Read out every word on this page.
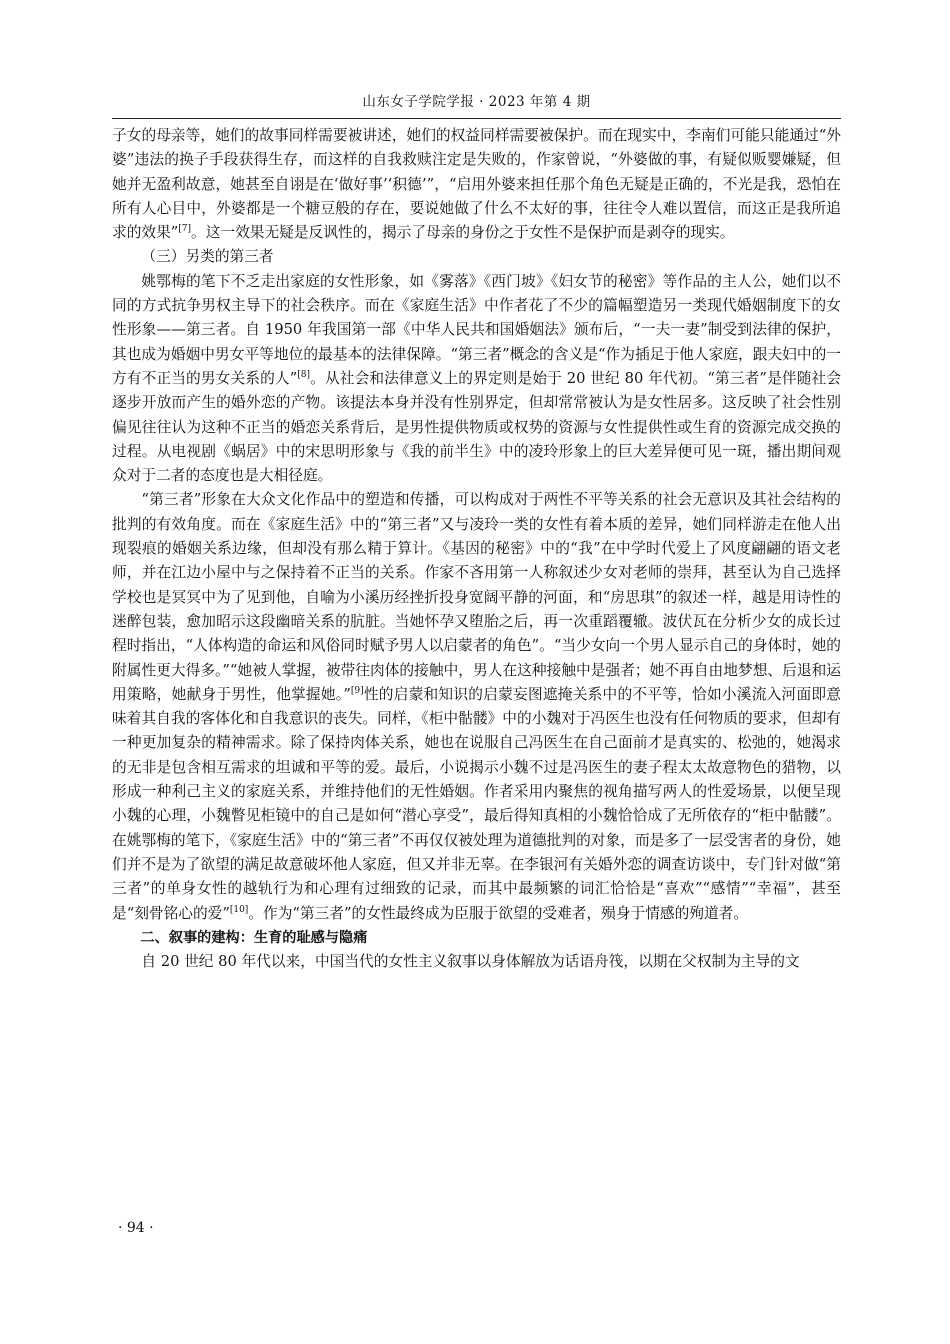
山东女子学院学报 · 2023 年第 4 期

子女的母亲等，她们的故事同样需要被讲述，她们的权益同样需要被保护。而在现实中，李南们可能只能通过“外婆”违法的换子手段获得生存，而这样的自我救赎注定是失败的，作家曾说，“外婆做的事，有疑似贩婴嫌疑，但她并无盈利故意，她甚至自诩是在‘做好事’‘积德’”，“启用外婆来担任那个角色无疑是正确的，不光是我，恐怕在所有人心目中，外婆都是一个糖豆般的存在，要说她做了什么不太好的事，往往令人难以置信，而这正是我所追求的效果”[7]。这一效果无疑是反讽性的，揭示了母亲的身份之于女性不是保护而是剥夺的现实。

（三）另类的第三者

姚鄂梅的笔下不乏走出家庭的女性形象，如《雾落》《西门坡》《妇女节的秘密》等作品的主人公，她们以不同的方式抗争男权主导下的社会秩序。而在《家庭生活》中作者花了不少的篇幅塑造另一类现代婚姻制度下的女性形象——第三者。自 1950 年我国第一部《中华人民共和国婚姻法》颁布后，“一夫一妻”制受到法律的保护，其也成为婚姻中男女平等地位的最基本的法律保障。“第三者”概念的含义是“作为插足于他人家庭，跟夫妇中的一方有不正当的男女关系的人”[8]。从社会和法律意义上的界定则是始于 20 世纪 80 年代初。“第三者”是伴随社会逐步开放而产生的婚外恋的产物。该提法本身并没有性别界定，但却常常被认为是女性居多。这反映了社会性别偏见往往认为这种不正当的婚恋关系背后，是男性提供物质或权势的资源与女性提供性或生育的资源完成交换的过程。从电视剧《蜗居》中的宋思明形象与《我的前半生》中的凌玲形象上的巨大差异便可见一斑，播出期间观众对于二者的态度也是大相径庭。

“第三者”形象在大众文化作品中的塑造和传播，可以构成对于两性不平等关系的社会无意识及其社会结构的批判的有效角度。而在《家庭生活》中的“第三者”又与凌玲一类的女性有着本质的差异，她们同样游走在他人出现裂痕的婚姻关系边缘，但却没有那么精于算计。《基因的秘密》中的“我”在中学时代爱上了风度翩翩的语文老师，并在江边小屋中与之保持着不正当的关系。作家不吝用第一人称叙述少女对老师的崇拜，甚至认为自己选择学校也是冥冥中为了见到他，自喻为小溪历经挫折投身宽阔平静的河面，和“房思琪”的叙述一样，越是用诗性的迷醉包装，愈加昭示这段幽暗关系的肮脏。当她怀孕又堕胎之后，再一次重蹈覆辙。波伏瓦在分析少女的成长过程时指出，“人体构造的命运和风俗同时赋予男人以启蒙者的角色”。“当少女向一个男人显示自己的身体时，她的附属性更大得多。”“她被人掌握，被带往肉体的接触中，男人在这种接触中是强者；她不再自由地梦想、后退和运用策略，她献身于男性，他掌握她。”[9]性的启蒙和知识的启蒙妄图遮掩关系中的不平等，恰如小溪流入河面即意味着其自我的客体化和自我意识的丧失。同样，《柜中骷髅》中的小魏对于冯医生也没有任何物质的要求，但却有一种更加复杂的精神需求。除了保持肉体关系，她也在说服自己冯医生在自己面前才是真实的、松弛的，她渴求的无非是包含相互需求的坦诚和平等的爱。最后，小说揭示小魏不过是冯医生的妻子程太太故意物色的猎物，以形成一种利己主义的家庭关系，并维持他们的无性婚姻。作者采用内聚焦的视角描写两人的性爱场景，以便呈现小魏的心理，小魏瞥见柜镜中的自己是如何“潜心享受”，最后得知真相的小魏恰恰成了无所依存的“柜中骷髅”。在姚鄂梅的笔下，《家庭生活》中的“第三者”不再仅仅被处理为道德批判的对象，而是多了一层受害者的身份，她们并不是为了欲望的满足故意破坏他人家庭，但又并非无辜。在李银河有关婚外恋的调查访谈中，专门针对做“第三者”的单身女性的越轨行为和心理有过细致的记录，而其中最频繁的词汇恰恰是“喜欢”“感情”“幸福”，甚至是“刻骨铭心的爱”[10]。作为“第三者”的女性最终成为臣服于欲望的受难者，殒身于情感的殉道者。

二、叙事的建构：生育的耻感与隐痛

自 20 世纪 80 年代以来，中国当代的女性主义叙事以身体解放为话语舟筏，以期在父权制为主导的文

· 94 ·
